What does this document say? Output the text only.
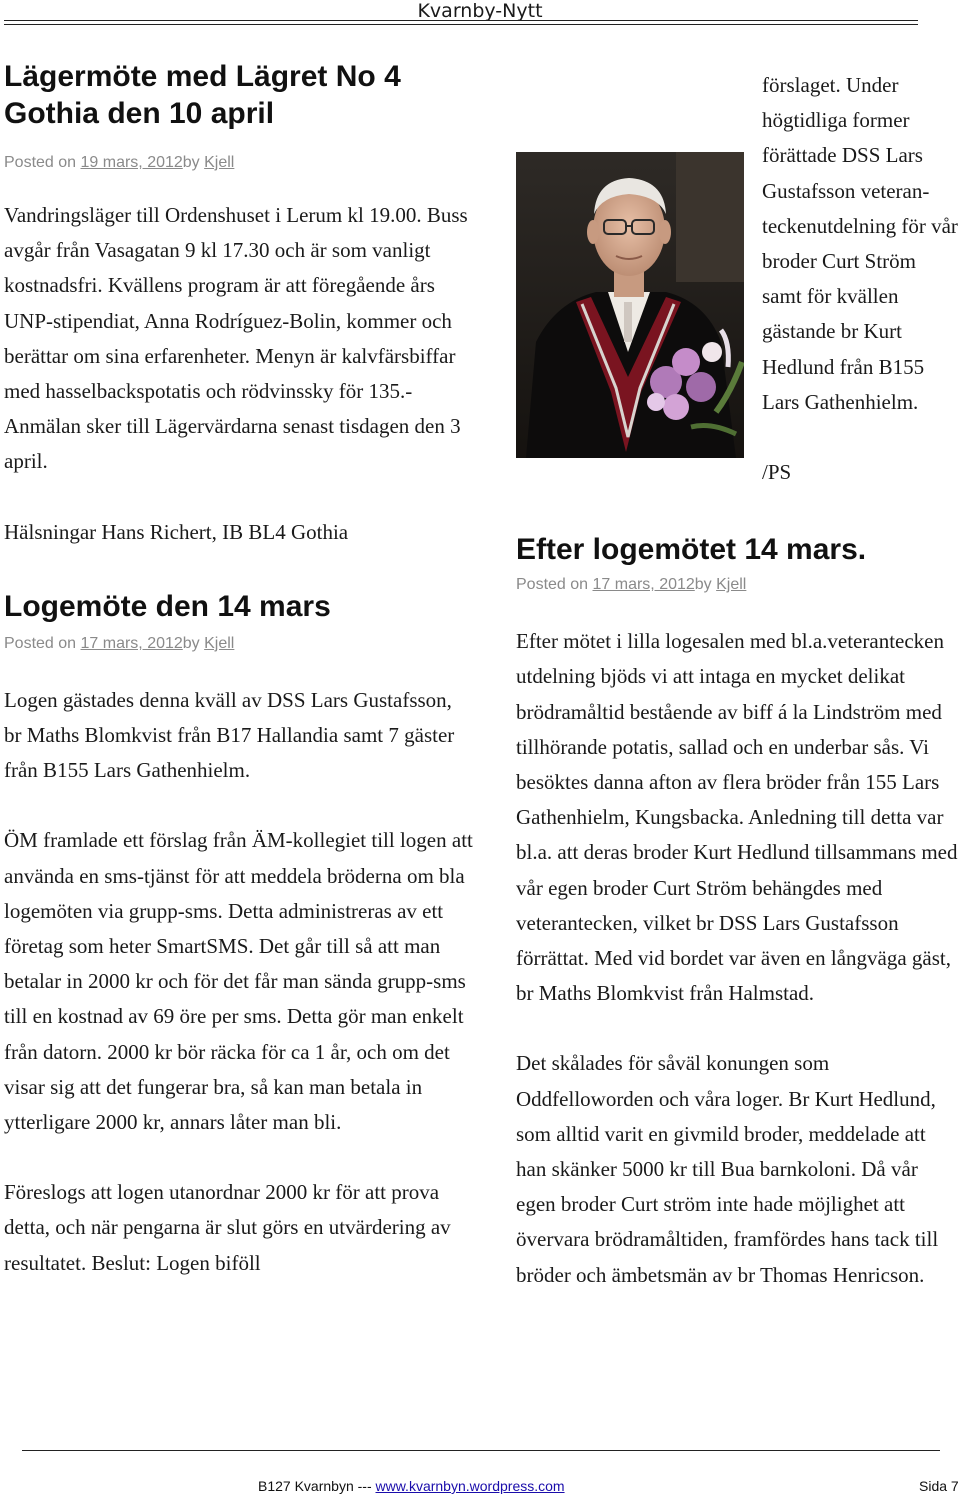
Kvarnby-Nytt
Lägermöte med Lägret No 4 Gothia den 10 april

Posted on 19 mars, 2012by Kjell

Vandringsläger till Ordenshuset i Lerum kl 19.00. Buss avgår från Vasagatan 9 kl 17.30 och är som vanligt kostnadsfri. Kvällens program är att föregående års UNP-stipendiat, Anna Rodríguez-Bolin, kommer och berättar om sina erfarenheter. Menyn är kalvfärsbiffar med hasselbackspotatis och rödvinssky för 135.- Anmälan sker till Lägervärdarna senast tisdagen den 3 april.

Hälsningar Hans Richert, IB BL4 Gothia

Logemöte den 14 mars

Posted on 17 mars, 2012by Kjell

Logen gästades denna kväll av DSS Lars Gustafsson, br Maths Blomkvist från B17 Hallandia samt 7 gäster från B155 Lars Gathenhielm.

ÖM framlade ett förslag från ÄM-kollegiet till logen att använda en sms-tjänst för att meddela bröderna om bla logemöten via grupp-sms. Detta administreras av ett företag som heter SmartSMS. Det går till så att man betalar in 2000 kr och för det får man sända grupp-sms till en kostnad av 69 öre per sms. Detta gör man enkelt från datorn. 2000 kr bör räcka för ca 1 år, och om det visar sig att det fungerar bra, så kan man betala in ytterligare 2000 kr, annars låter man bli.

Föreslogs att logen utanordnar 2000 kr för att prova detta, och när pengarna är slut görs en utvärdering av resultatet. Beslut: Logen biföll

förslaget. Under högtidliga former förättade DSS Lars Gustafsson veteran-teckenutdelning för vår broder Curt Ström samt för kvällen gästande br Kurt Hedlund från B155 Lars Gathenhielm.

/PS

Efter logemötet 14 mars.

Posted on 17 mars, 2012by Kjell

Efter mötet i lilla logesalen med bl.a.veterantecken utdelning bjöds vi att intaga en mycket delikat brödramåltid bestående av biff á la Lindström med tillhörande potatis, sallad och en underbar sås. Vi besöktes danna afton av flera bröder från 155 Lars Gathenhielm, Kungsbacka. Anledning till detta var bl.a. att deras broder Kurt Hedlund tillsammans med vår egen broder Curt Ström behängdes med veterantecken, vilket br DSS Lars Gustafsson förrättat. Med vid bordet var även en långväga gäst, br Maths Blomkvist från Halmstad.

Det skålades för såväl konungen som Oddfelloworden och våra loger. Br Kurt Hedlund, som alltid varit en givmild broder, meddelade att han skänker 5000 kr till Bua barnkoloni. Då vår egen broder Curt ström inte hade möjlighet att övervara brödramåltiden, framfördes hans tack till bröder och ämbetsmän av br Thomas Henricson.

B127 Kvarnbyn --- www.kvarnbyn.wordpress.com	Sida 7
